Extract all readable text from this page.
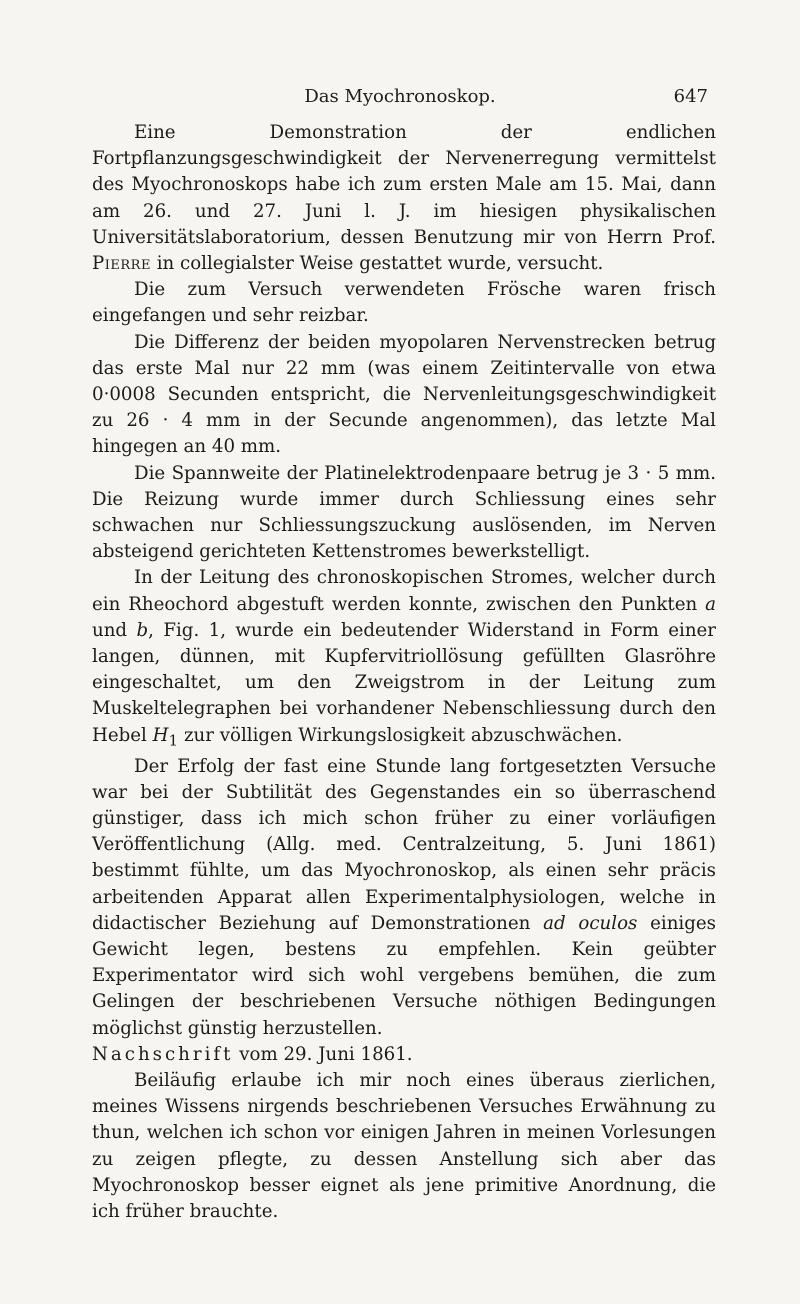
Das Myochronoskop.	647

Eine Demonstration der endlichen Fortpflanzungsgeschwindigkeit der Nervenerregung vermittelst des Myochronoskops habe ich zum ersten Male am 15. Mai, dann am 26. und 27. Juni l. J. im hiesigen physikalischen Universitätslaboratorium, dessen Benutzung mir von Herrn Prof. Pierre in collegialster Weise gestattet wurde, versucht.

Die zum Versuch verwendeten Frösche waren frisch eingefangen und sehr reizbar.

Die Differenz der beiden myopolaren Nervenstrecken betrug das erste Mal nur 22 mm (was einem Zeitintervalle von etwa 0·0008 Secunden entspricht, die Nervenleitungsgeschwindigkeit zu 26 · 4 mm in der Secunde angenommen), das letzte Mal hingegen an 40 mm.

Die Spannweite der Platinelektrodenpaare betrug je 3 · 5 mm. Die Reizung wurde immer durch Schliessung eines sehr schwachen nur Schliessungszuckung auslösenden, im Nerven absteigend gerichteten Kettenstromes bewerkstelligt.

In der Leitung des chronoskopischen Stromes, welcher durch ein Rheochord abgestuft werden konnte, zwischen den Punkten a und b, Fig. 1, wurde ein bedeutender Widerstand in Form einer langen, dünnen, mit Kupfervitriollösung gefüllten Glasröhre eingeschaltet, um den Zweigstrom in der Leitung zum Muskeltelegraphen bei vorhandener Nebenschliessung durch den Hebel $H_1$ zur völligen Wirkungslosigkeit abzuschwächen.

Der Erfolg der fast eine Stunde lang fortgesetzten Versuche war bei der Subtilität des Gegenstandes ein so überraschend günstiger, dass ich mich schon früher zu einer vorläufigen Veröffentlichung (Allg. med. Centralzeitung, 5. Juni 1861) bestimmt fühlte, um das Myochronoskop, als einen sehr präcis arbeitenden Apparat allen Experimentalphysiologen, welche in didactischer Beziehung auf Demonstrationen ad oculos einiges Gewicht legen, bestens zu empfehlen. Kein geübter Experimentator wird sich wohl vergebens bemühen, die zum Gelingen der beschriebenen Versuche nöthigen Bedingungen möglichst günstig herzustellen.

Nachschrift vom 29. Juni 1861.

Beiläufig erlaube ich mir noch eines überaus zierlichen, meines Wissens nirgends beschriebenen Versuches Erwähnung zu thun, welchen ich schon vor einigen Jahren in meinen Vorlesungen zu zeigen pflegte, zu dessen Anstellung sich aber das Myochronoskop besser eignet als jene primitive Anordnung, die ich früher brauchte.
